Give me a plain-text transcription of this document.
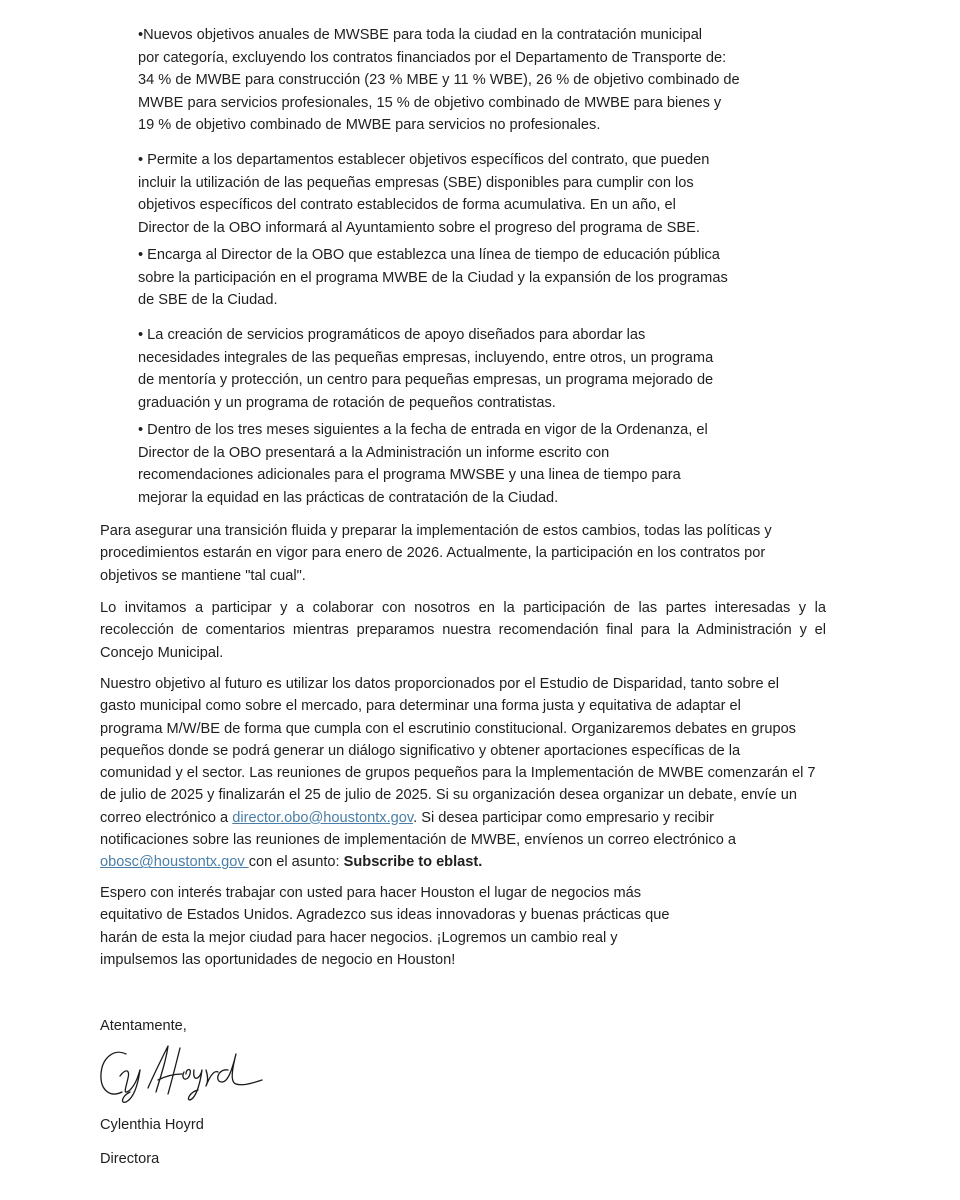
•Nuevos objetivos anuales de MWSBE para toda la ciudad en la contratación municipal
por categoría, excluyendo los contratos financiados por el Departamento de Transporte de:
34 % de MWBE para construcción (23 % MBE y 11 % WBE), 26 % de objetivo combinado de
MWBE para servicios profesionales, 15 % de objetivo combinado de MWBE para bienes y
19 % de objetivo combinado de MWBE para servicios no profesionales.
• Permite a los departamentos establecer objetivos específicos del contrato, que pueden
incluir la utilización de las pequeñas empresas (SBE) disponibles para cumplir con los
objetivos específicos del contrato establecidos de forma acumulativa. En un año, el
Director de la OBO informará al Ayuntamiento sobre el progreso del programa de SBE.
• Encarga al Director de la OBO que establezca una línea de tiempo de educación pública
sobre la participación en el programa MWBE de la Ciudad y la expansión de los programas
de SBE de la Ciudad.
• La creación de servicios programáticos de apoyo diseñados para abordar las
necesidades integrales de las pequeñas empresas, incluyendo, entre otros, un programa
de mentoría y protección, un centro para pequeñas empresas, un programa mejorado de
graduación y un programa de rotación de pequeños contratistas.
• Dentro de los tres meses siguientes a la fecha de entrada en vigor de la Ordenanza, el
Director de la OBO presentará a la Administración un informe escrito con
recomendaciones adicionales para el programa MWSBE y una linea de tiempo para
mejorar la equidad en las prácticas de contratación de la Ciudad.
Para asegurar una transición fluida y preparar la implementación de estos cambios, todas las políticas y
procedimientos estarán en vigor para enero de 2026. Actualmente, la participación en los contratos por
objetivos se mantiene "tal cual".
Lo invitamos a participar y a colaborar con nosotros en la participación de las partes interesadas y la recolección de comentarios mientras preparamos nuestra recomendación final para la Administración y el Concejo Municipal.
Nuestro objetivo al futuro es utilizar los datos proporcionados por el Estudio de Disparidad, tanto sobre el
gasto municipal como sobre el mercado, para determinar una forma justa y equitativa de adaptar el
programa M/W/BE de forma que cumpla con el escrutinio constitucional. Organizaremos debates en grupos
pequeños donde se podrá generar un diálogo significativo y obtener aportaciones específicas de la
comunidad y el sector. Las reuniones de grupos pequeños para la Implementación de MWBE comenzarán el 7
de julio de 2025 y finalizarán el 25 de julio de 2025. Si su organización desea organizar un debate, envíe un
correo electrónico a director.obo@houstontx.gov. Si desea participar como empresario y recibir
notificaciones sobre las reuniones de implementación de MWBE, envíenos un correo electrónico a
obosc@houstontx.gov con el asunto: Subscribe to eblast.
Espero con interés trabajar con usted para hacer Houston el lugar de negocios más
equitativo de Estados Unidos. Agradezco sus ideas innovadoras y buenas prácticas que
harán de esta la mejor ciudad para hacer negocios. ¡Logremos un cambio real y
impulsemos las oportunidades de negocio en Houston!
Atentamente,
Cylenthia Hoyrd
Directora
